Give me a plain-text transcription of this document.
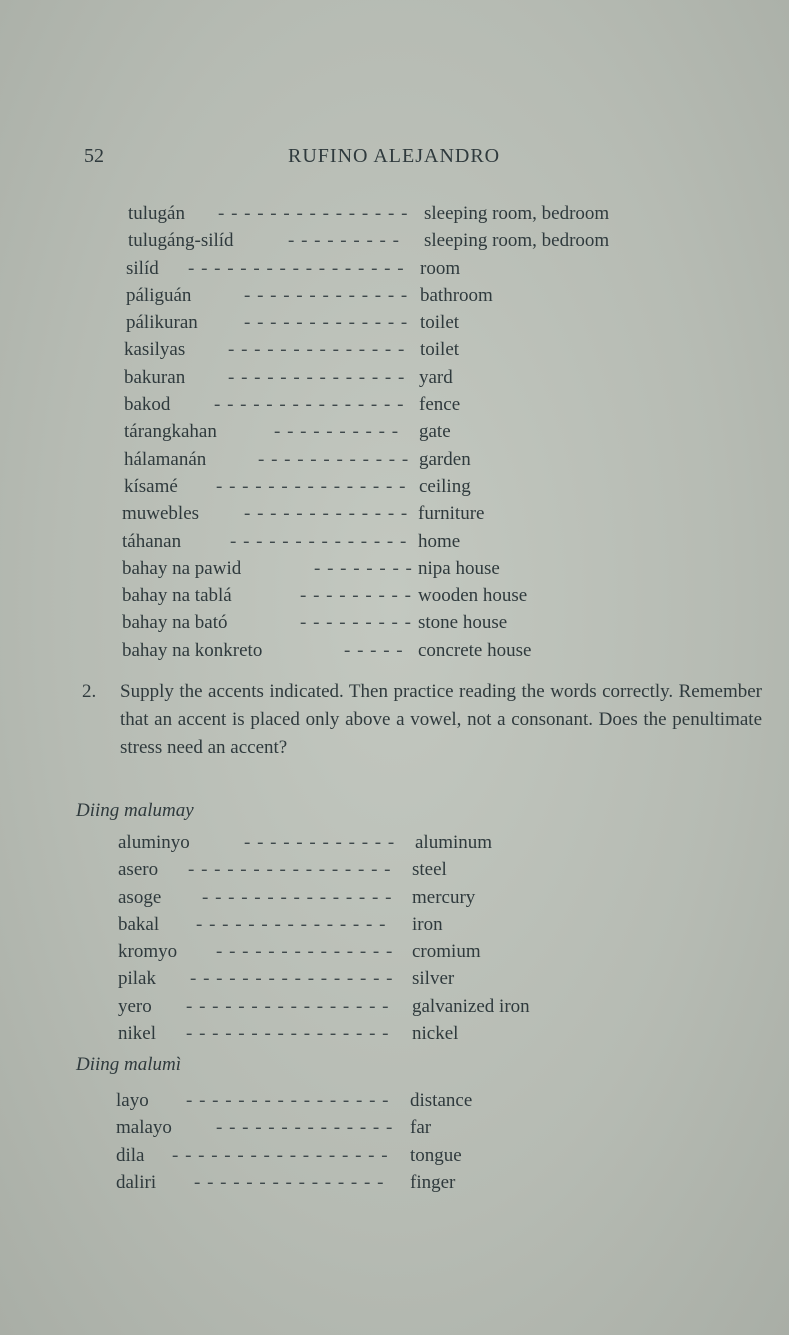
52	RUFINO ALEJANDRO
tulugán - - - - - - - - - - - - - - - sleeping room, bedroom
tulugáng-silíd	- - - - - - - - - sleeping room, bedroom
silíd - - - - - - - - - - - - - - - - - room
páliguán	- - - - - - - - - - - - - bathroom
pálikuran - - - - - - - - - - - - - toilet
kasilyas - - - - - - - - - - - - - - toilet
bakuran - - - - - - - - - - - - - - yard
bakod - - - - - - - - - - - - - - - fence
tárangkahan	- - - - - - - - - - gate
hálamanán	- - - - - - - - - - - - garden
kísamé - - - - - - - - - - - - - - - ceiling
muwebles - - - - - - - - - - - - - furniture
táhanan	- - - - - - - - - - - - - - home
bahay na pawid	- - - - - - - - nipa house
bahay na tablá	- - - - - - - - - wooden house
bahay na bató	- - - - - - - - - stone house
bahay na konkreto	- - - - - concrete house
2. Supply the accents indicated. Then practice reading the words correctly. Remember that an accent is placed only above a vowel, not a consonant. Does the penultimate stress need an accent?
Diing malumay
aluminyo	- - - - - - - - - - - - aluminum
asero - - - - - - - - - - - - - - - - steel
asoge - - - - - - - - - - - - - - - mercury
bakal - - - - - - - - - - - - - - - iron
kromyo - - - - - - - - - - - - - - cromium
pilak - - - - - - - - - - - - - - - - silver
yero - - - - - - - - - - - - - - - - galvanized iron
nikel - - - - - - - - - - - - - - - - nickel
Diing malumì
layo - - - - - - - - - - - - - - - - distance
malayo - - - - - - - - - - - - - - far
dila - - - - - - - - - - - - - - - - - tongue
daliri - - - - - - - - - - - - - - - finger
